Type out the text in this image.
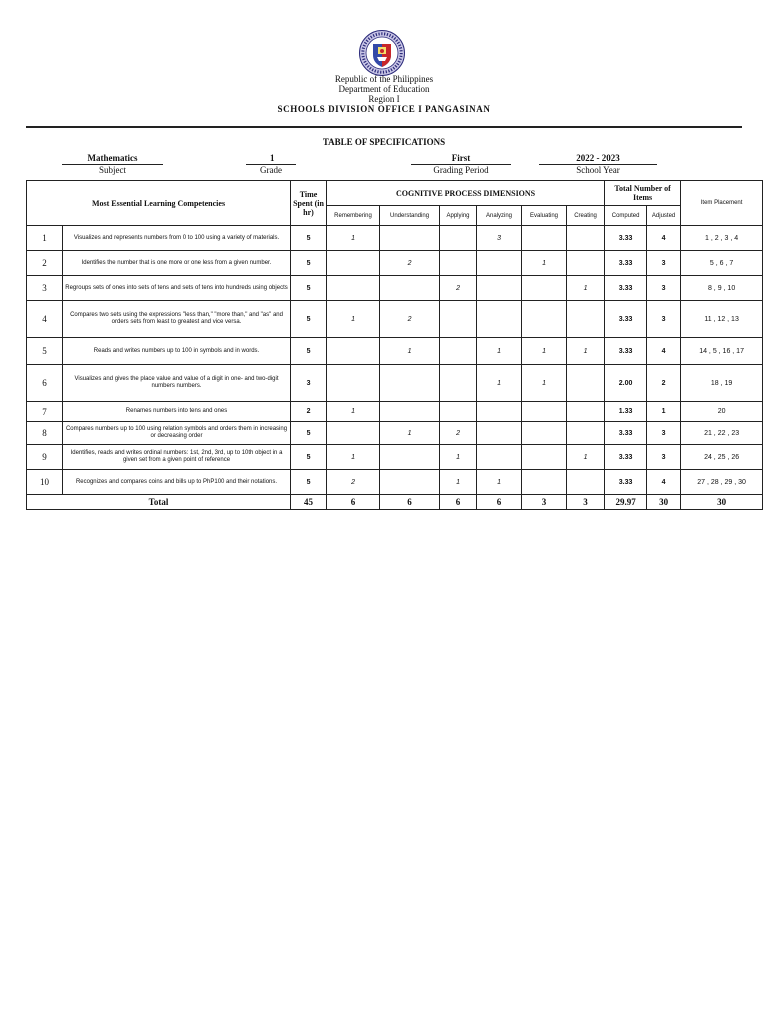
Republic of the Philippines
Department of Education
Region I
SCHOOLS DIVISION OFFICE I PANGASINAN
TABLE OF SPECIFICATIONS
Mathematics
Subject
1
Grade
First
Grading Period
2022 - 2023
School Year
Most Essential Learning Competencies		Time Spent (in hr)	COGNITIVE PROCESS DIMENSIONS						Total Number of Items		Item Placement
			Remembering	Understanding	Applying	Analyzing	Evaluating	Creating	Computed	Adjusted	
1	Visualizes and represents numbers from 0 to 100 using a variety of materials.	5	1			3			3.33	4	1 , 2 , 3 , 4
2	Identifies the number that is one more or one less from a given number.	5		2			1		3.33	3	5 , 6 , 7
3	Regroups sets of ones into sets of tens and sets of tens into hundreds using objects	5			2			1	3.33	3	8 , 9 , 10
4	Compares two sets using the expressions "less than," "more than," and "as" and orders sets from least to greatest and vice versa.	5	1	2					3.33	3	11 , 12 , 13
5	Reads and writes numbers up to 100 in symbols and in words.	5		1		1	1	1	3.33	4	14 , 5 , 16 , 17
6	Visualizes and gives the place value and value of a digit in one- and two-digit numbers numbers.	3				1	1		2.00	2	18 , 19
7	Renames numbers into tens and ones	2	1						1.33	1	20
8	Compares numbers up to 100 using relation symbols and orders them in increasing or decreasing order	5		1	2				3.33	3	21 , 22 , 23
9	Identifies, reads and writes ordinal numbers: 1st, 2nd, 3rd, up to 10th object in a given set from a given point of reference	5	1		1			1	3.33	3	24 , 25 , 26
10	Recognizes and compares coins and bills up to PhP100 and their notations.	5	2		1	1			3.33	4	27 , 28 , 29 , 30
Total		45	6	6	6	6	3	3	29.97	30	30
